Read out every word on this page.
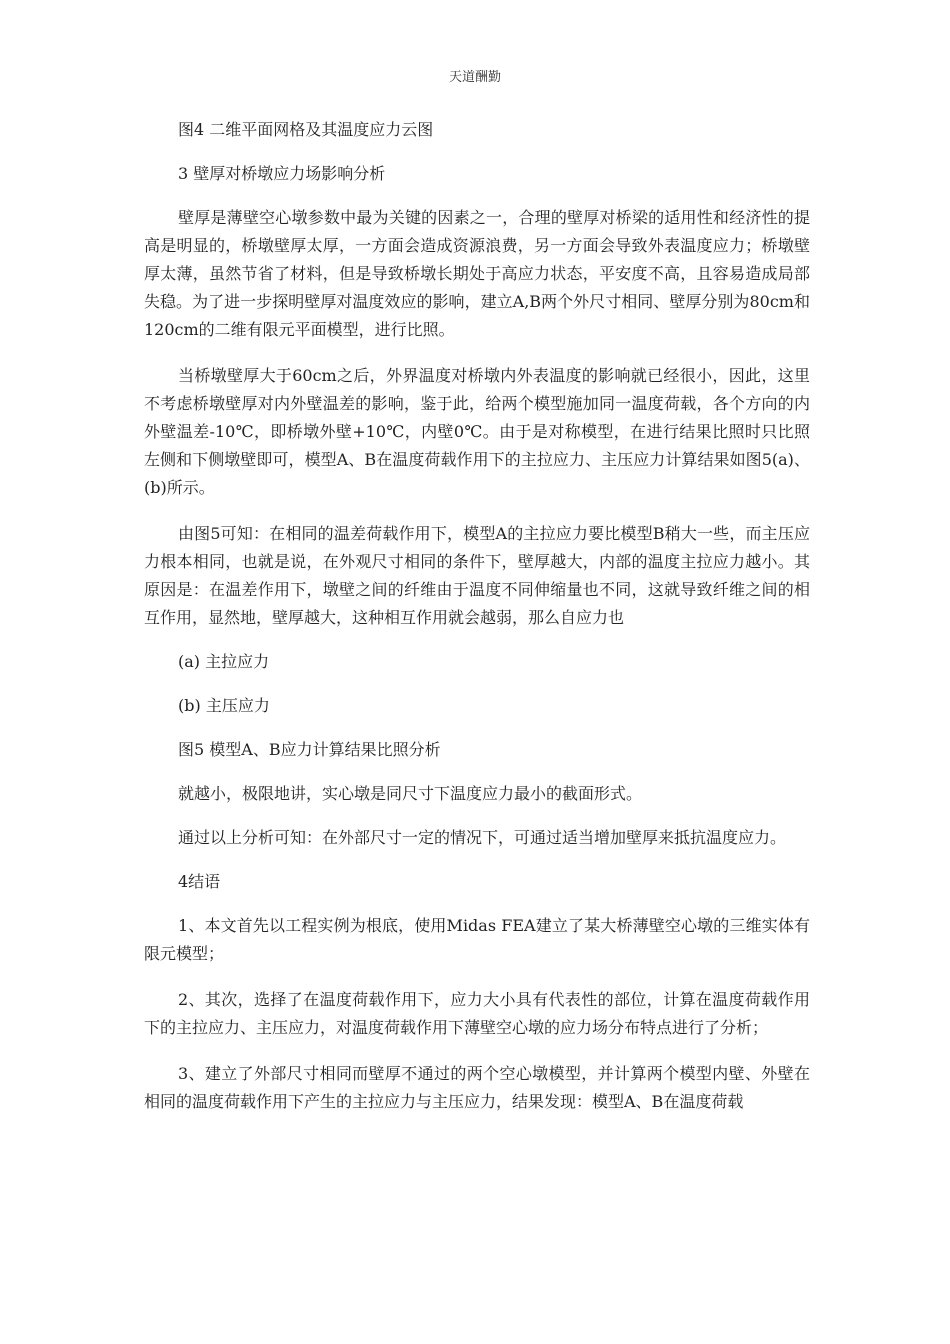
天道酬勤

图4 二维平面网格及其温度应力云图

3 壁厚对桥墩应力场影响分析

壁厚是薄壁空心墩参数中最为关键的因素之一，合理的壁厚对桥梁的适用性和经济性的提高是明显的，桥墩壁厚太厚，一方面会造成资源浪费，另一方面会导致外表温度应力；桥墩壁厚太薄，虽然节省了材料，但是导致桥墩长期处于高应力状态，平安度不高，且容易造成局部失稳。为了进一步探明壁厚对温度效应的影响，建立A,B两个外尺寸相同、壁厚分别为80cm和120cm的二维有限元平面模型，进行比照。

当桥墩壁厚大于60cm之后，外界温度对桥墩内外表温度的影响就已经很小，因此，这里不考虑桥墩壁厚对内外壁温差的影响，鉴于此，给两个模型施加同一温度荷载，各个方向的内外壁温差-10℃，即桥墩外壁+10℃，内壁0℃。由于是对称模型，在进行结果比照时只比照左侧和下侧墩壁即可，模型A、B在温度荷载作用下的主拉应力、主压应力计算结果如图5(a)、(b)所示。

由图5可知：在相同的温差荷载作用下，模型A的主拉应力要比模型B稍大一些，而主压应力根本相同，也就是说，在外观尺寸相同的条件下，壁厚越大，内部的温度主拉应力越小。其原因是：在温差作用下，墩壁之间的纤维由于温度不同伸缩量也不同，这就导致纤维之间的相互作用，显然地，壁厚越大，这种相互作用就会越弱，那么自应力也

(a) 主拉应力

(b) 主压应力

图5 模型A、B应力计算结果比照分析

就越小，极限地讲，实心墩是同尺寸下温度应力最小的截面形式。

通过以上分析可知：在外部尺寸一定的情况下，可通过适当增加壁厚来抵抗温度应力。

4结语

1、本文首先以工程实例为根底，使用Midas FEA建立了某大桥薄壁空心墩的三维实体有限元模型；

2、其次，选择了在温度荷载作用下，应力大小具有代表性的部位，计算在温度荷载作用下的主拉应力、主压应力，对温度荷载作用下薄壁空心墩的应力场分布特点进行了分析；

3、建立了外部尺寸相同而壁厚不通过的两个空心墩模型，并计算两个模型内壁、外壁在相同的温度荷载作用下产生的主拉应力与主压应力，结果发现：模型A、B在温度荷载
